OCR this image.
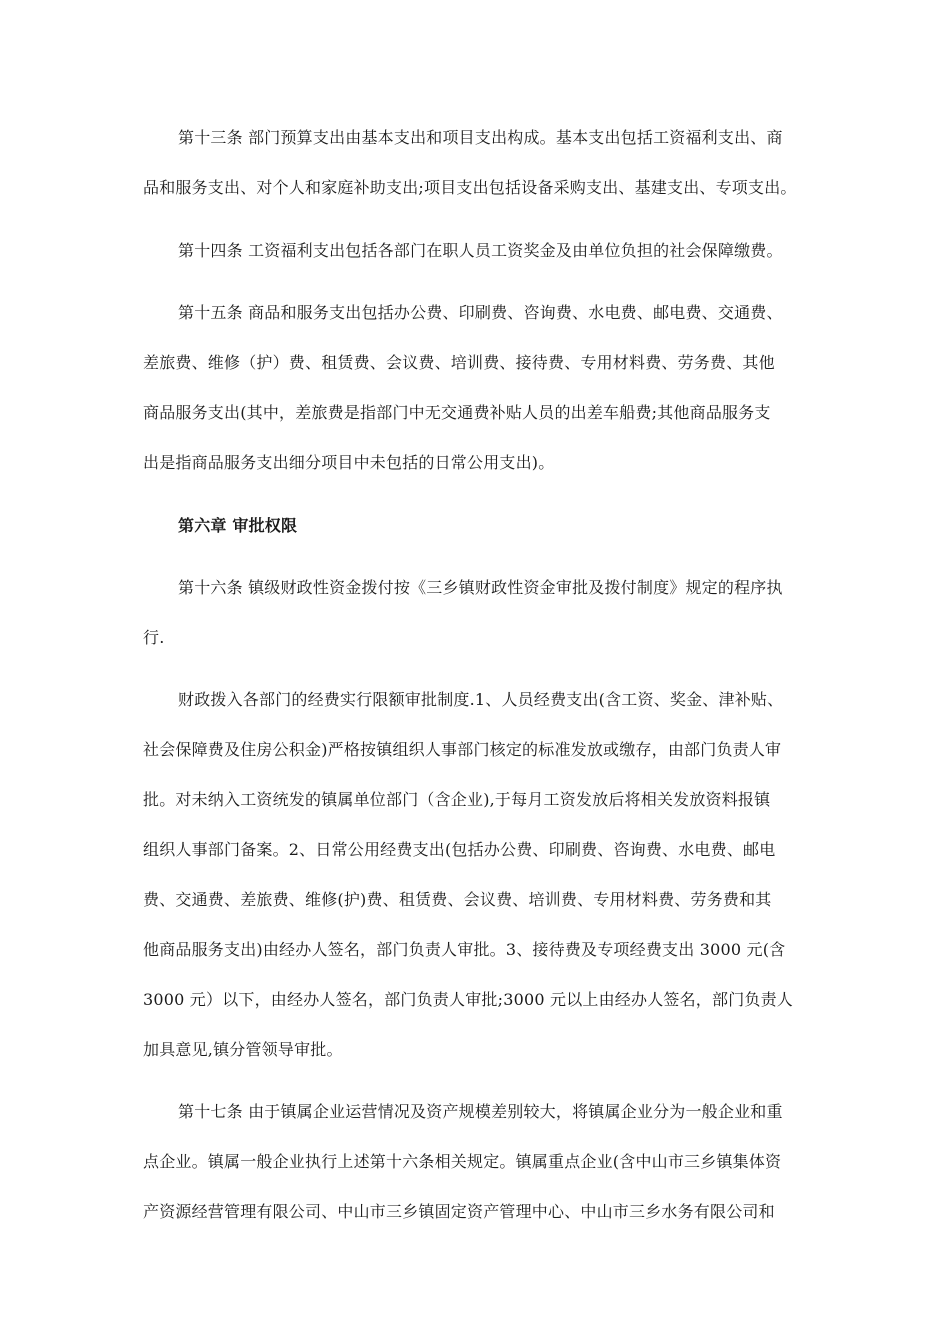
第十三条 部门预算支出由基本支出和项目支出构成。基本支出包括工资福利支出、商
品和服务支出、对个人和家庭补助支出;项目支出包括设备采购支出、基建支出、专项支出。
第十四条 工资福利支出包括各部门在职人员工资奖金及由单位负担的社会保障缴费。
第十五条 商品和服务支出包括办公费、印刷费、咨询费、水电费、邮电费、交通费、
差旅费、维修（护）费、租赁费、会议费、培训费、接待费、专用材料费、劳务费、其他
商品服务支出(其中，差旅费是指部门中无交通费补贴人员的出差车船费;其他商品服务支
出是指商品服务支出细分项目中未包括的日常公用支出)。
第六章 审批权限
第十六条 镇级财政性资金拨付按《三乡镇财政性资金审批及拨付制度》规定的程序执
行.
财政拨入各部门的经费实行限额审批制度.1、人员经费支出(含工资、奖金、津补贴、
社会保障费及住房公积金)严格按镇组织人事部门核定的标准发放或缴存，由部门负责人审
批。对未纳入工资统发的镇属单位部门（含企业),于每月工资发放后将相关发放资料报镇
组织人事部门备案。2、日常公用经费支出(包括办公费、印刷费、咨询费、水电费、邮电
费、交通费、差旅费、维修(护)费、租赁费、会议费、培训费、专用材料费、劳务费和其
他商品服务支出)由经办人签名，部门负责人审批。3、接待费及专项经费支出 3000 元(含
3000 元）以下，由经办人签名，部门负责人审批;3000 元以上由经办人签名，部门负责人
加具意见,镇分管领导审批。
第十七条 由于镇属企业运营情况及资产规模差别较大，将镇属企业分为一般企业和重
点企业。镇属一般企业执行上述第十六条相关规定。镇属重点企业(含中山市三乡镇集体资
产资源经营管理有限公司、中山市三乡镇固定资产管理中心、中山市三乡水务有限公司和
